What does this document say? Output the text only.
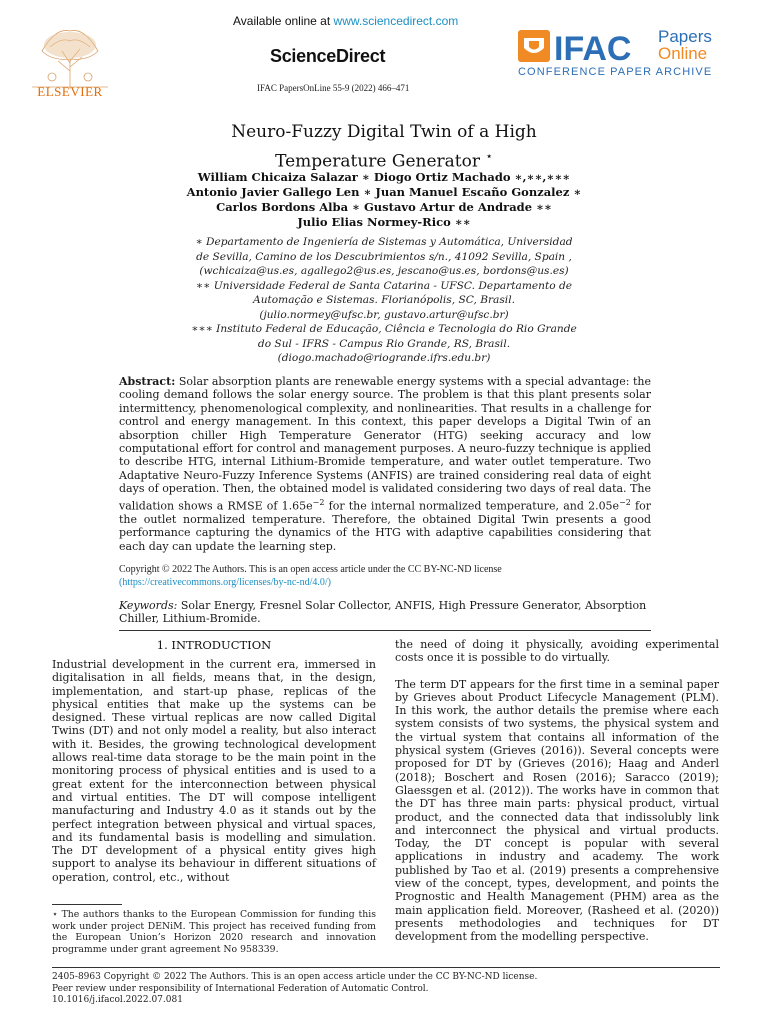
ELSEVIER
Available online at www.sciencedirect.com
ScienceDirect
IFAC PapersOnLine 55-9 (2022) 466–471
IFAC Papers
Online
CONFERENCE PAPER ARCHIVE
Neuro-Fuzzy Digital Twin of a High
Temperature Generator ⋆
William Chicaiza Salazar ∗ Diogo Ortiz Machado ∗,∗∗,∗∗∗
Antonio Javier Gallego Len ∗ Juan Manuel Escaño Gonzalez ∗
Carlos Bordons Alba ∗ Gustavo Artur de Andrade ∗∗
Julio Elias Normey-Rico ∗∗
∗ Departamento de Ingeniería de Sistemas y Automática, Universidad
de Sevilla, Camino de los Descubrimientos s/n., 41092 Sevilla, Spain ,
(wchicaiza@us.es, agallego2@us.es, jescano@us.es, bordons@us.es)
∗∗ Universidade Federal de Santa Catarina - UFSC. Departamento de
Automação e Sistemas. Florianópolis, SC, Brasil.
(julio.normey@ufsc.br, gustavo.artur@ufsc.br)
∗∗∗ Instituto Federal de Educação, Ciência e Tecnologia do Rio Grande
do Sul - IFRS - Campus Rio Grande, RS, Brasil.
(diogo.machado@riogrande.ifrs.edu.br)
Abstract: Solar absorption plants are renewable energy systems with a special advantage: the cooling demand follows the solar energy source. The problem is that this plant presents solar intermittency, phenomenological complexity, and nonlinearities. That results in a challenge for control and energy management. In this context, this paper develops a Digital Twin of an absorption chiller High Temperature Generator (HTG) seeking accuracy and low computational effort for control and management purposes. A neuro-fuzzy technique is applied to describe HTG, internal Lithium-Bromide temperature, and water outlet temperature. Two Adaptative Neuro-Fuzzy Inference Systems (ANFIS) are trained considering real data of eight days of operation. Then, the obtained model is validated considering two days of real data. The validation shows a RMSE of $1.65e^{-2}$ for the internal normalized temperature, and $2.05e^{-2}$ for the outlet normalized temperature. Therefore, the obtained Digital Twin presents a good performance capturing the dynamics of the HTG with adaptive capabilities considering that each day can update the learning step.
Copyright © 2022 The Authors. This is an open access article under the CC BY-NC-ND license
(https://creativecommons.org/licenses/by-nc-nd/4.0/)
Keywords: Solar Energy, Fresnel Solar Collector, ANFIS, High Pressure Generator, Absorption Chiller, Lithium-Bromide.
1. INTRODUCTION

Industrial development in the current era, immersed in digitalisation in all fields, means that, in the design, implementation, and start-up phase, replicas of the physical entities that make up the systems can be designed. These virtual replicas are now called Digital Twins (DT) and not only model a reality, but also interact with it. Besides, the growing technological development allows real-time data storage to be the main point in the monitoring process of physical entities and is used to a great extent for the interconnection between physical and virtual entities. The DT will compose intelligent manufacturing and Industry 4.0 as it stands out by the perfect integration between physical and virtual spaces, and its fundamental basis is modelling and simulation. The DT development of a physical entity gives high support to analyse its behaviour in different situations of operation, control, etc., without

the need of doing it physically, avoiding experimental costs once it is possible to do virtually.

The term DT appears for the first time in a seminal paper by Grieves about Product Lifecycle Management (PLM). In this work, the author details the premise where each system consists of two systems, the physical system and the virtual system that contains all information of the physical system (Grieves (2016)). Several concepts were proposed for DT by (Grieves (2016); Haag and Anderl (2018); Boschert and Rosen (2016); Saracco (2019); Glaessgen et al. (2012)). The works have in common that the DT has three main parts: physical product, virtual product, and the connected data that indissolubly link and interconnect the physical and virtual products. Today, the DT concept is popular with several applications in industry and academy. The work published by Tao et al. (2019) presents a comprehensive view of the concept, types, development, and points the Prognostic and Health Management (PHM) area as the main application field. Moreover, (Rasheed et al. (2020)) presents methodologies and techniques for DT development from the modelling perspective.

⋆ The authors thanks to the European Commission for funding this work under project DENiM. This project has received funding from the European Union’s Horizon 2020 research and innovation programme under grant agreement No 958339.
2405-8963 Copyright © 2022 The Authors. This is an open access article under the CC BY-NC-ND license.
Peer review under responsibility of International Federation of Automatic Control.
10.1016/j.ifacol.2022.07.081
